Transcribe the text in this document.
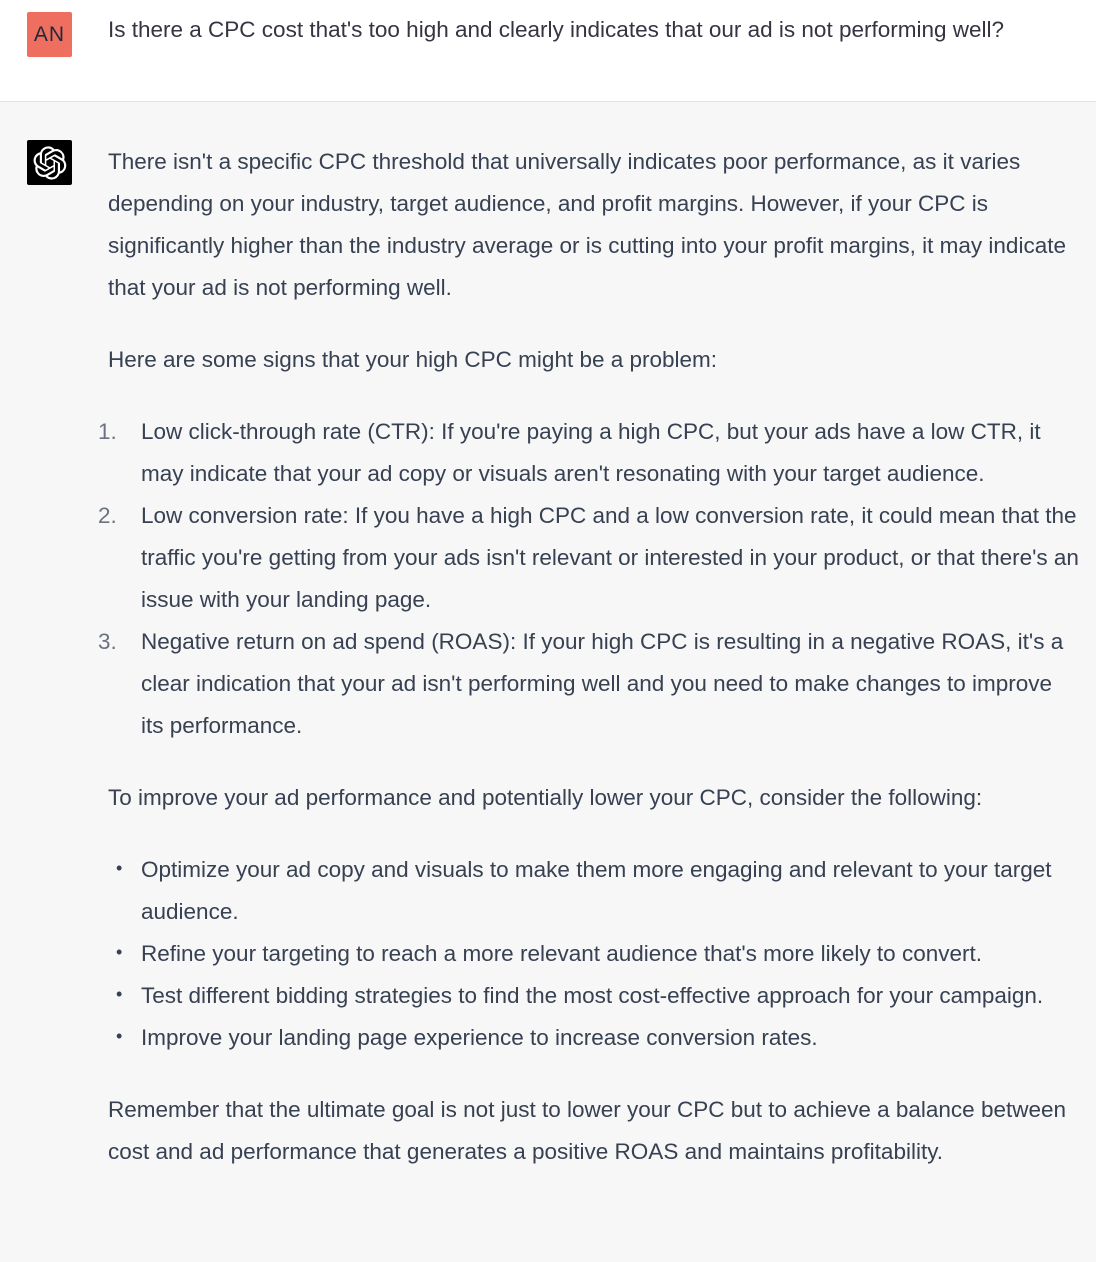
AN	Is there a CPC cost that's too high and clearly indicates that our ad is not performing well?

There isn't a specific CPC threshold that universally indicates poor performance, as it varies depending on your industry, target audience, and profit margins. However, if your CPC is significantly higher than the industry average or is cutting into your profit margins, it may indicate that your ad is not performing well.

Here are some signs that your high CPC might be a problem:

1.	Low click-through rate (CTR): If you're paying a high CPC, but your ads have a low CTR, it may indicate that your ad copy or visuals aren't resonating with your target audience.
2.	Low conversion rate: If you have a high CPC and a low conversion rate, it could mean that the traffic you're getting from your ads isn't relevant or interested in your product, or that there's an issue with your landing page.
3.	Negative return on ad spend (ROAS): If your high CPC is resulting in a negative ROAS, it's a clear indication that your ad isn't performing well and you need to make changes to improve its performance.

To improve your ad performance and potentially lower your CPC, consider the following:

• Optimize your ad copy and visuals to make them more engaging and relevant to your target audience.
• Refine your targeting to reach a more relevant audience that's more likely to convert.
• Test different bidding strategies to find the most cost-effective approach for your campaign.
• Improve your landing page experience to increase conversion rates.

Remember that the ultimate goal is not just to lower your CPC but to achieve a balance between cost and ad performance that generates a positive ROAS and maintains profitability.
